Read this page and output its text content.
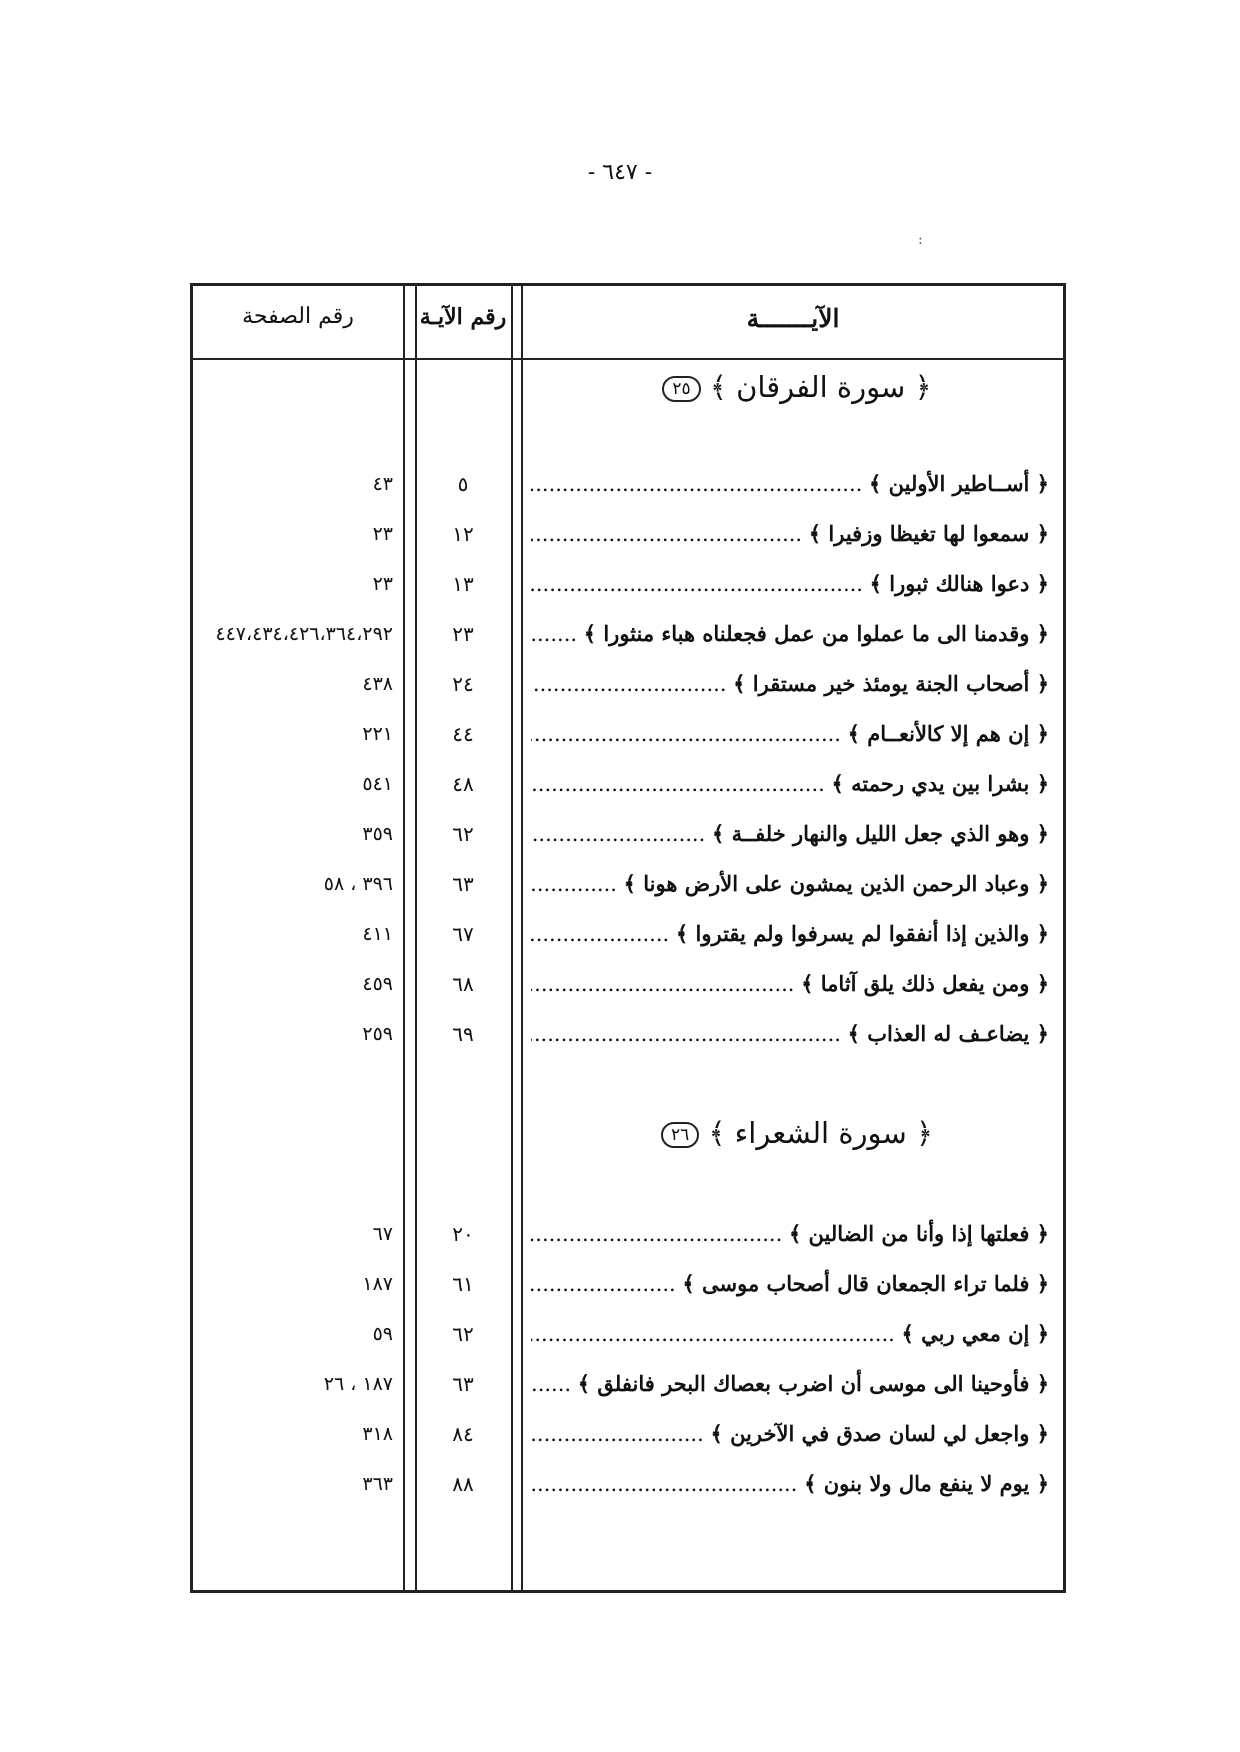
- ٦٤٧ -
:
الآيـــــــة
رقم الآيـة
رقم الصفحة
﴿ سورة الفرقان ﴾ ٢٥
﴿ أســاطير الأولين ﴾ .....
٥
٤٣
﴿ سمعوا لها تغيظا وزفيرا ﴾ .....
١٢
٢٣
﴿ دعوا هنالك ثبورا ﴾ .....
١٣
٢٣
﴿ وقدمنا الى ما عملوا من عمل فجعلناه هباء منثورا ﴾ .....
٢٣
٤٤٧،٤٣٤،٤٢٦،٣٦٤،٢٩٢
﴿ أصحاب الجنة يومئذ خير مستقرا ﴾ .....
٢٤
٤٣٨
﴿ إن هم إلا كالأنعــام ﴾ .....
٤٤
٢٢١
﴿ بشرا بين يدي رحمته ﴾ .....
٤٨
٥٤١
﴿ وهو الذي جعل الليل والنهار خلفــة ﴾ .....
٦٢
٣٥٩
﴿ وعباد الرحمن الذين يمشون على الأرض هونا ﴾ .....
٦٣
٣٩٦ ، ٥٨
﴿ والذين إذا أنفقوا لم يسرفوا ولم يقتروا ﴾ .....
٦٧
٤١١
﴿ ومن يفعل ذلك يلق آثاما ﴾ .....
٦٨
٤٥٩
﴿ يضاعـف له العذاب ﴾ .....
٦٩
٢٥٩
﴿ سورة الشعراء ﴾ ٢٦
﴿ فعلتها إذا وأنا من الضالين ﴾ .....
٢٠
٦٧
﴿ فلما تراء الجمعان قال أصحاب موسى ﴾ .....
٦١
١٨٧
﴿ إن معي ربي ﴾ .....
٦٢
٥٩
﴿ فأوحينا الى موسى أن اضرب بعصاك البحر فانفلق ﴾ .....
٦٣
١٨٧ ، ٢٦
﴿ واجعل لي لسان صدق في الآخرين ﴾ .....
٨٤
٣١٨
﴿ يوم لا ينفع مال ولا بنون ﴾ .....
٨٨
٣٦٣
